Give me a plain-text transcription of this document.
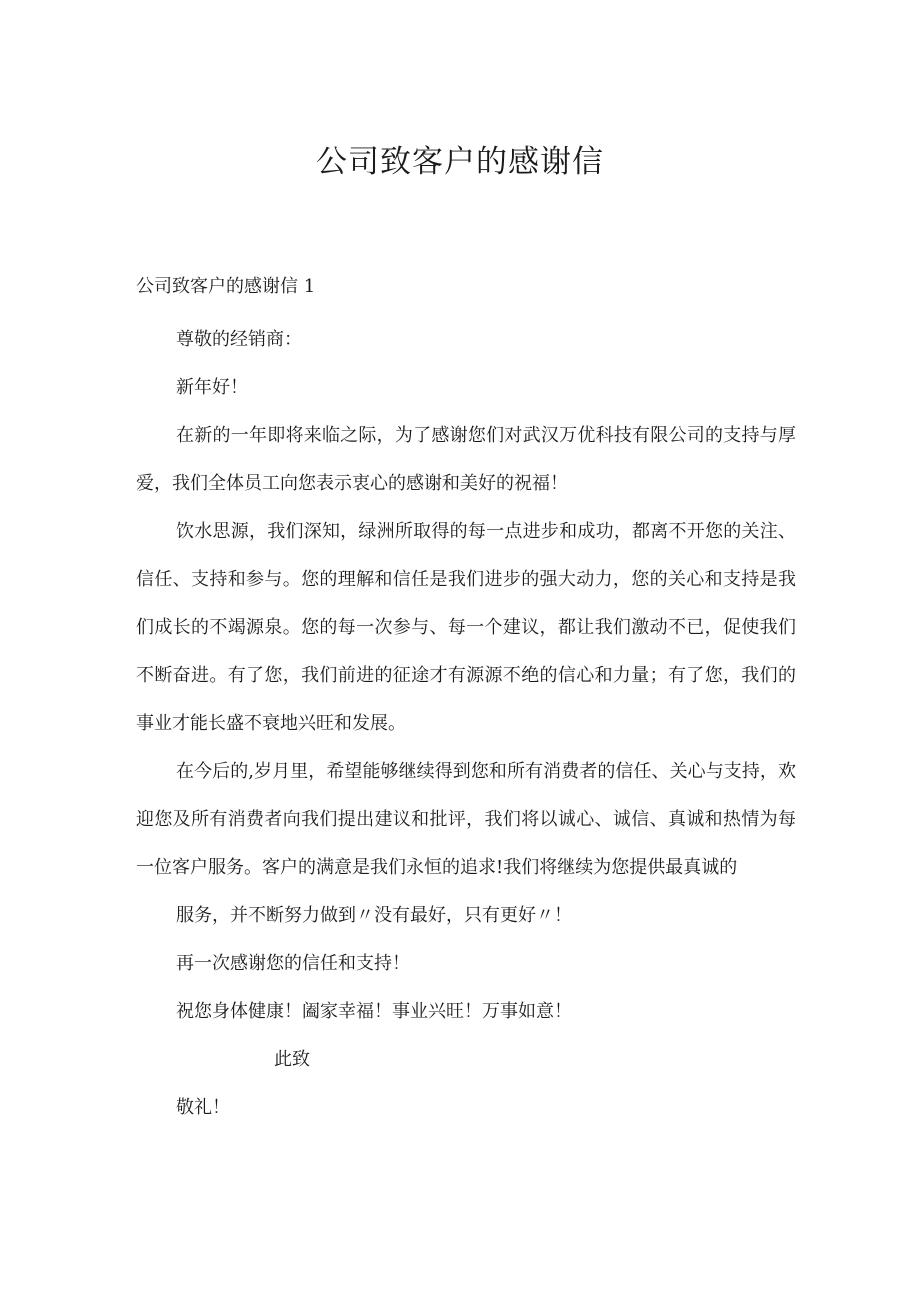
公司致客户的感谢信
公司致客户的感谢信 1

尊敬的经销商：

新年好！

在新的一年即将来临之际，为了感谢您们对武汉万优科技有限公司的支持与厚爱，我们全体员工向您表示衷心的感谢和美好的祝福！

饮水思源，我们深知，绿洲所取得的每一点进步和成功，都离不开您的关注、信任、支持和参与。您的理解和信任是我们进步的强大动力，您的关心和支持是我们成长的不竭源泉。您的每一次参与、每一个建议，都让我们激动不已，促使我们不断奋进。有了您，我们前进的征途才有源源不绝的信心和力量；有了您，我们的事业才能长盛不衰地兴旺和发展。

在今后的,岁月里，希望能够继续得到您和所有消费者的信任、关心与支持，欢迎您及所有消费者向我们提出建议和批评，我们将以诚心、诚信、真诚和热情为每一位客户服务。客户的满意是我们永恒的追求!我们将继续为您提供最真诚的

服务，并不断努力做到〃没有最好，只有更好〃！

再一次感谢您的信任和支持！

祝您身体健康！阖家幸福！事业兴旺！万事如意！

此致

敬礼！
